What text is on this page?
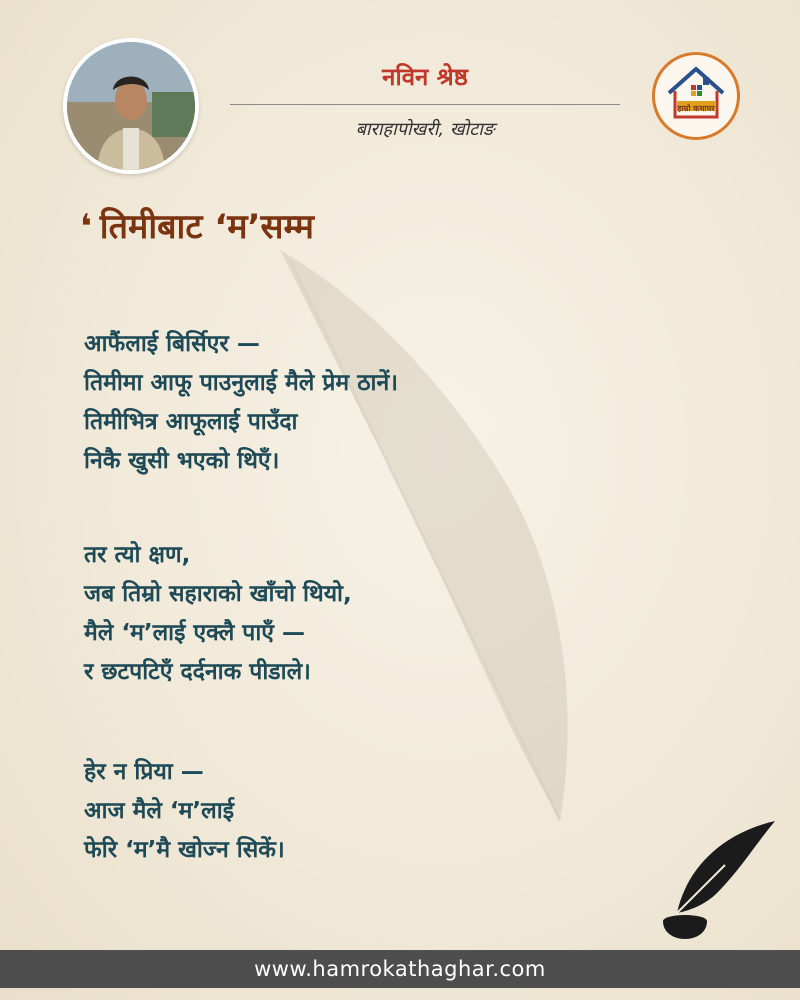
नविन श्रेष्ठ
बाराहापोखरी, खोटाङ
हाम्रो कथाघर
❛ तिमीबाट ‘म’सम्म
आफैंलाई बिर्सिएर —
तिमीमा आफू पाउनुलाई मैले प्रेम ठानें।
तिमीभित्र आफूलाई पाउँदा
निकै खुसी भएको थिएँ।
तर त्यो क्षण,
जब तिम्रो सहाराको खाँचो थियो,
मैले ‘म’लाई एक्लै पाएँ —
र छटपटिएँ दर्दनाक पीडाले।
हेर न प्रिया —
आज मैले ‘म’लाई
फेरि ‘म’मै खोज्न सिकें।
www.hamrokathaghar.com
